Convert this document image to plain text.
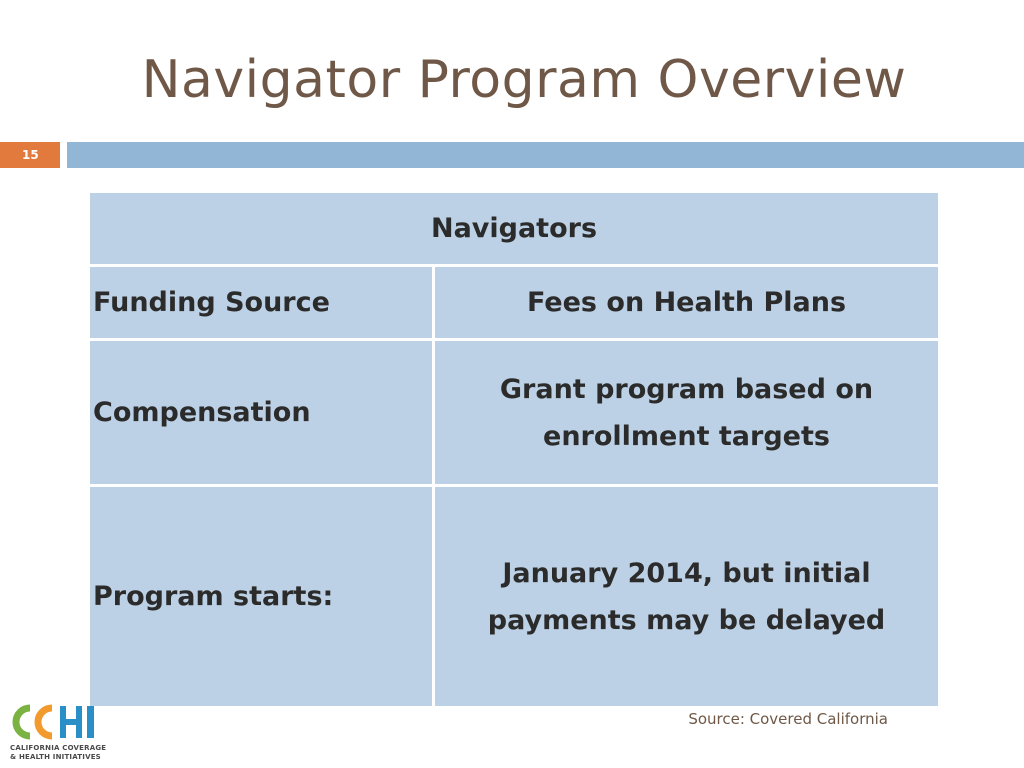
Navigator Program Overview
15
Navigators
Funding Source	Fees on Health Plans
Compensation
Grant program based on
enrollment targets
Program starts:
January 2014, but initial
payments may be delayed
Source: Covered California
CALIFORNIA COVERAGE
& HEALTH INITIATIVES
